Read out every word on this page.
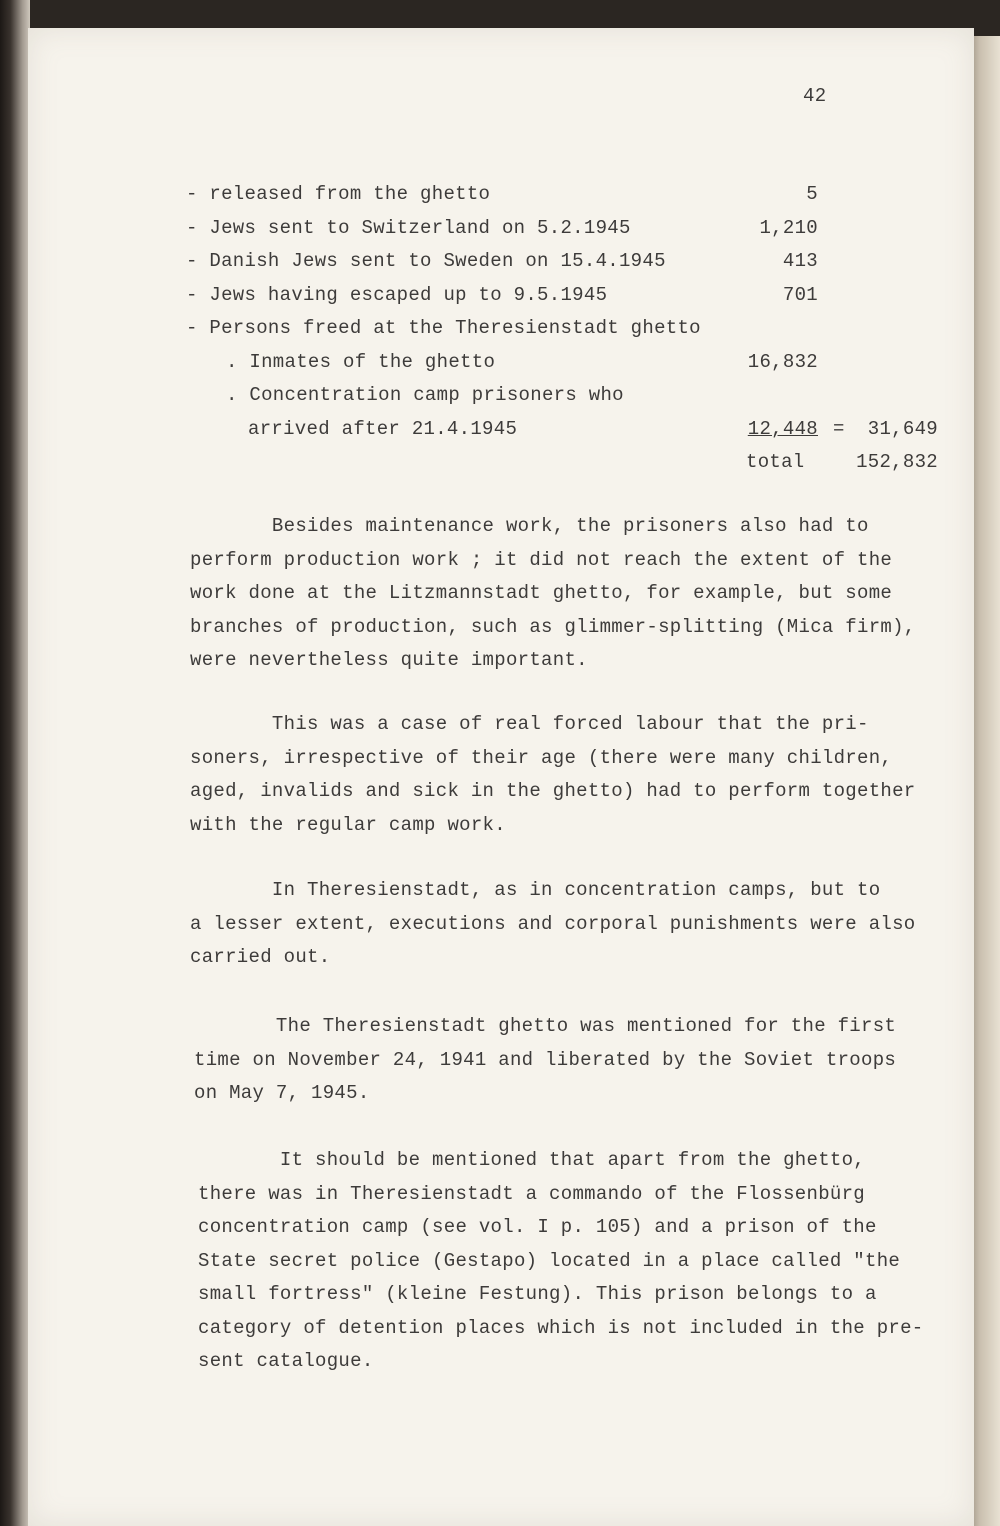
42
- released from the ghetto	5
- Jews sent to Switzerland on 5.2.1945	1,210
- Danish Jews sent to Sweden on 15.4.1945	413
- Jews having escaped up to 9.5.1945	701
- Persons freed at the Theresienstadt ghetto
. Inmates of the ghetto	16,832
. Concentration camp prisoners who
arrived after 21.4.1945	12,448 =	31,649
total	152,832
Besides maintenance work, the prisoners also had to
perform production work ; it did not reach the extent of the
work done at the Litzmannstadt ghetto, for example, but some
branches of production, such as glimmer-splitting (Mica firm),
were nevertheless quite important.
This was a case of real forced labour that the pri-
soners, irrespective of their age (there were many children,
aged, invalids and sick in the ghetto) had to perform together
with the regular camp work.
In Theresienstadt, as in concentration camps, but to
a lesser extent, executions and corporal punishments were also
carried out.
The Theresienstadt ghetto was mentioned for the first
time on November 24, 1941 and liberated by the Soviet troops
on May 7, 1945.
It should be mentioned that apart from the ghetto,
there was in Theresienstadt a commando of the Flossenbürg
concentration camp (see vol. I p. 105) and a prison of the
State secret police (Gestapo) located in a place called "the
small fortress" (kleine Festung). This prison belongs to a
category of detention places which is not included in the pre-
sent catalogue.
